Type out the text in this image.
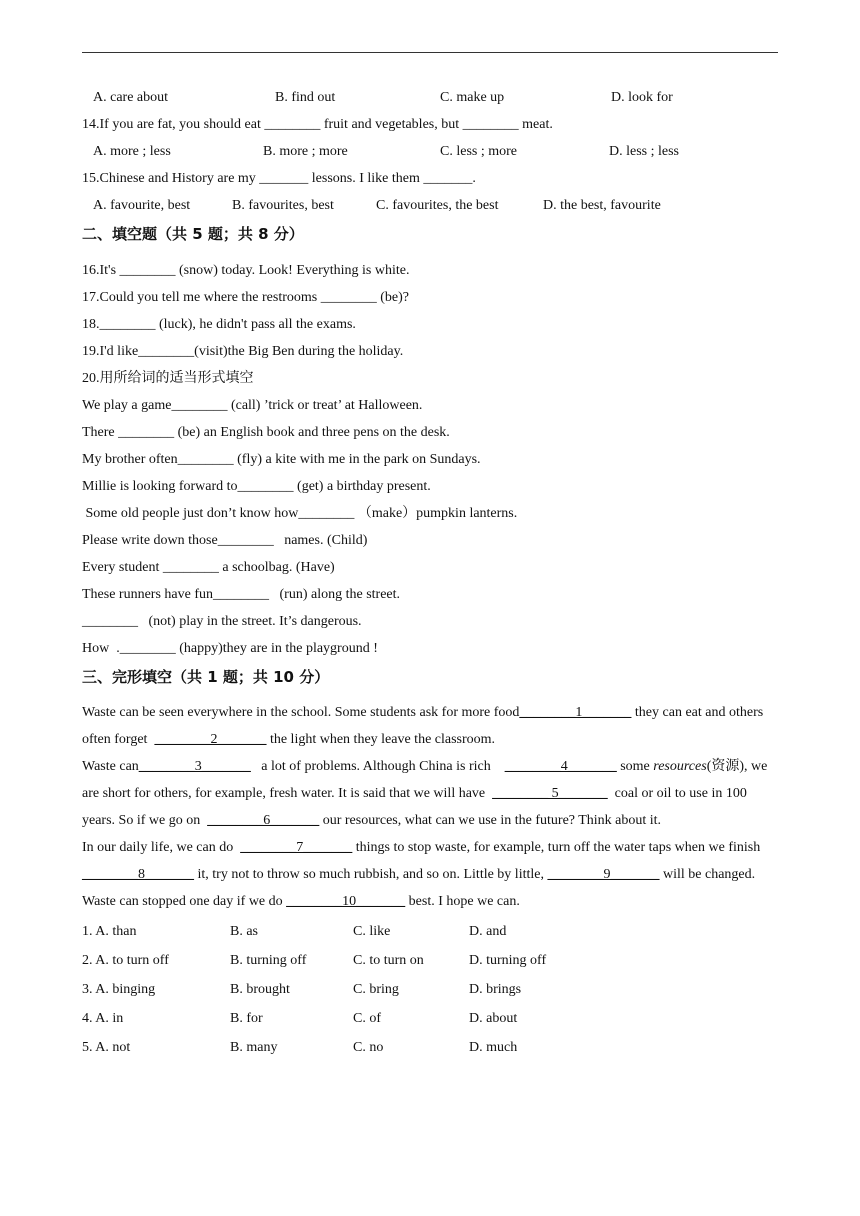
A. care about	B. find out	C. make up	D. look for
14.If you are fat, you should eat ________ fruit and vegetables, but ________ meat.
A. more ; less	B. more ; more	C. less ; more	D. less ; less
15.Chinese and History are my _______ lessons. I like them _______.
A. favourite, best	B. favourites, best	C. favourites, the best	D. the best, favourite
二、填空题（共 5 题；共 8 分）
16.It's ________ (snow) today. Look! Everything is white.
17.Could you tell me where the restrooms ________ (be)?
18.________ (luck), he didn't pass all the exams.
19.I'd like________(visit)the Big Ben during the holiday.
20.用所给词的适当形式填空
We play a game________ (call) ’trick or treat’ at Halloween.
There ________ (be) an English book and three pens on the desk.
My brother often________ (fly) a kite with me in the park on Sundays.
Millie is looking forward to________ (get) a birthday present.
Some old people just don’t know how________ （make）pumpkin lanterns.
Please write down those________   names. (Child)
Every student ________ a schoolbag. (Have)
These runners have fun________   (run) along the street.
________   (not) play in the street. It’s dangerous.
How  .________ (happy)they are in the playground !
三、完形填空（共 1 题；共 10 分）
Waste can be seen everywhere in the school. Some students ask for more food________1_______ they can eat and others often forget  ________2_______ the light when they leave the classroom.
Waste can________3_______   a lot of problems. Although China is rich    ________4_______ some resources(资源), we are short for others, for example, fresh water. It is said that we will have  ________ 5_______  coal or oil to use in 100 years. So if we go on  ________6_______ our resources, what can we use in the future? Think about it.
In our daily life, we can do  ________7_______ things to stop waste, for example, turn off the water taps when we finish  ________8_______ it, try not to throw so much rubbish, and so on. Little by little, ________9_______ will be changed. Waste can stopped one day if we do ________10_______ best. I hope we can.
1. A. than	B. as	C. like	D. and
2. A. to turn off	B. turning off	C. to turn on	D. turning off
3. A. binging	B. brought	C. bring	D. brings
4. A. in	B. for	C. of	D. about
5. A. not	B. many	C. no	D. much
